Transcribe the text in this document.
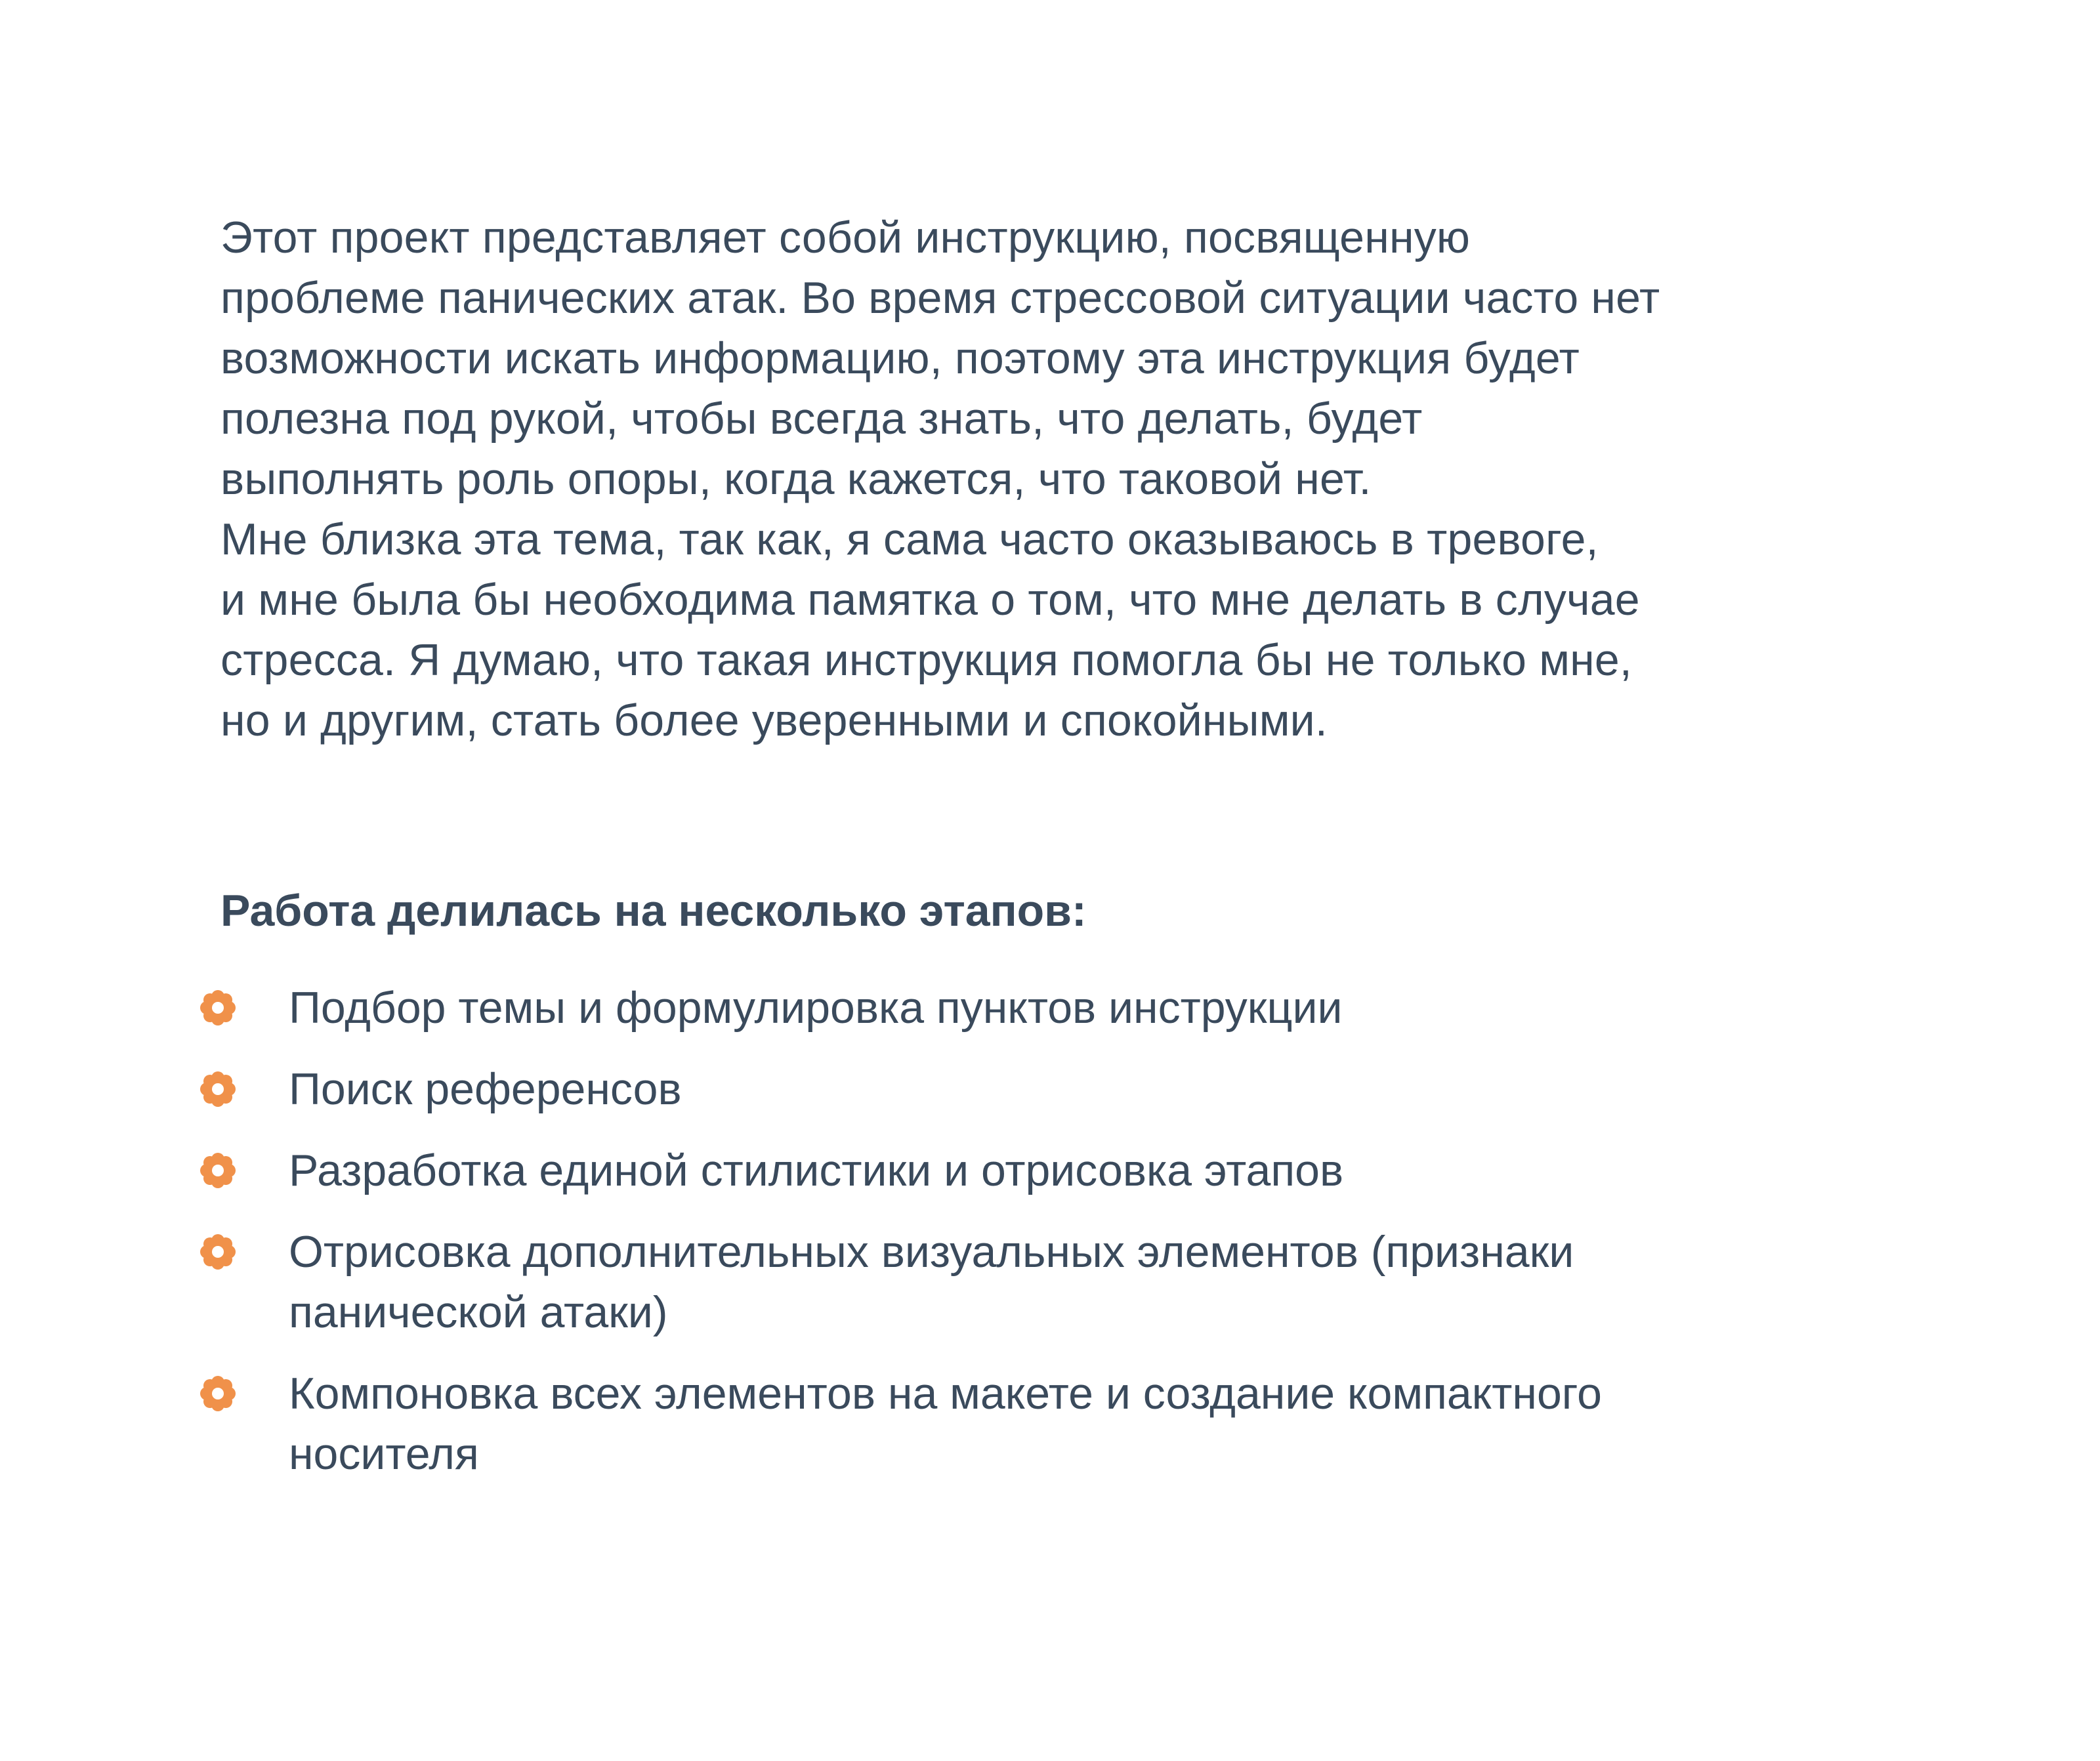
Этот проект представляет собой инструкцию, посвященную
проблеме панических атак. Во время стрессовой ситуации часто нет
возможности искать информацию, поэтому эта инструкция будет
полезна под рукой, чтобы всегда знать, что делать, будет
выполнять роль опоры, когда кажется, что таковой нет.
Мне близка эта тема, так как, я сама часто оказываюсь в тревоге,
и мне была бы необходима памятка о том, что мне делать в случае
стресса. Я думаю, что такая инструкция помогла бы не только мне,
но и другим, стать более уверенными и спокойными.
Работа делилась на несколько этапов:
Подбор темы и формулировка пунктов инструкции
Поиск референсов
Разработка единой стилистики и отрисовка этапов
Отрисовка дополнительных визуальных элементов (признаки
панической атаки)
Компоновка всех элементов на макете и создание компактного
носителя
